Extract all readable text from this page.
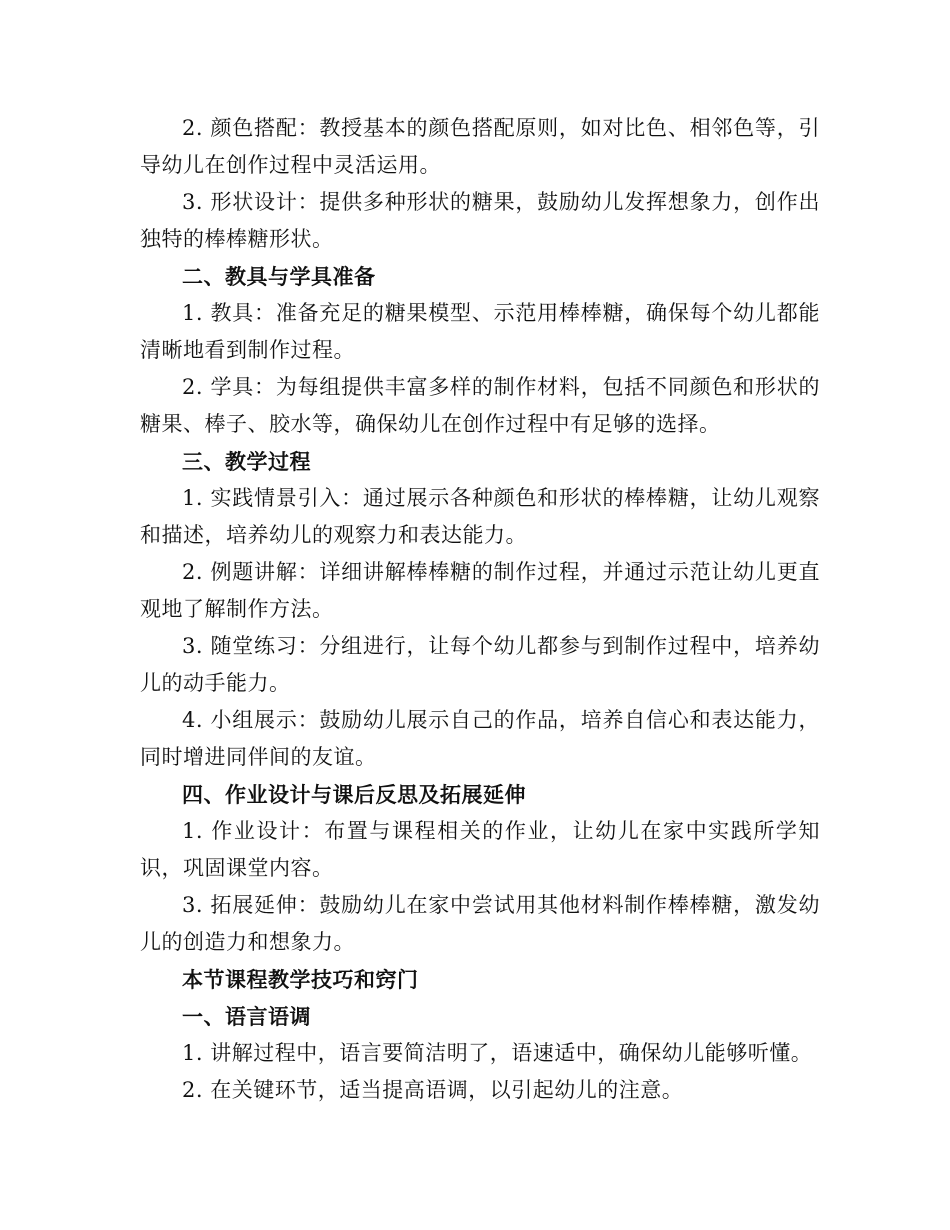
2. 颜色搭配：教授基本的颜色搭配原则，如对比色、相邻色等，引导幼儿在创作过程中灵活运用。

3. 形状设计：提供多种形状的糖果，鼓励幼儿发挥想象力，创作出独特的棒棒糖形状。

二、教具与学具准备

1. 教具：准备充足的糖果模型、示范用棒棒糖，确保每个幼儿都能清晰地看到制作过程。

2. 学具：为每组提供丰富多样的制作材料，包括不同颜色和形状的糖果、棒子、胶水等，确保幼儿在创作过程中有足够的选择。

三、教学过程

1. 实践情景引入：通过展示各种颜色和形状的棒棒糖，让幼儿观察和描述，培养幼儿的观察力和表达能力。

2. 例题讲解：详细讲解棒棒糖的制作过程，并通过示范让幼儿更直观地了解制作方法。

3. 随堂练习：分组进行，让每个幼儿都参与到制作过程中，培养幼儿的动手能力。

4. 小组展示：鼓励幼儿展示自己的作品，培养自信心和表达能力，同时增进同伴间的友谊。

四、作业设计与课后反思及拓展延伸

1. 作业设计：布置与课程相关的作业，让幼儿在家中实践所学知识，巩固课堂内容。

3. 拓展延伸：鼓励幼儿在家中尝试用其他材料制作棒棒糖，激发幼儿的创造力和想象力。

本节课程教学技巧和窍门

一、语言语调

1. 讲解过程中，语言要简洁明了，语速适中，确保幼儿能够听懂。

2. 在关键环节，适当提高语调，以引起幼儿的注意。
